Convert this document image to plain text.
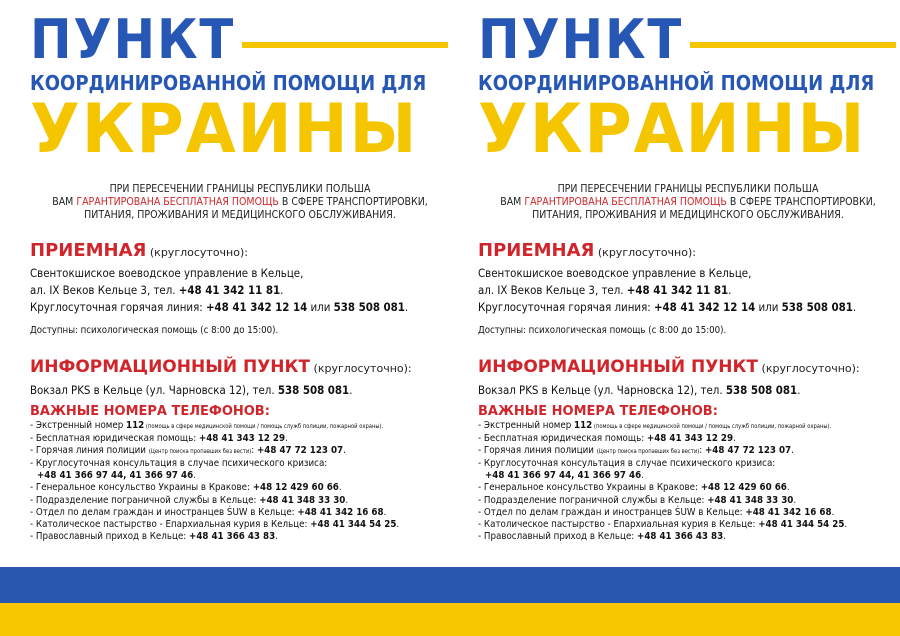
ПУНКТ
КООРДИНИРОВАННОЙ ПОМОЩИ ДЛЯ
УКРАИНЫ

ПРИ ПЕРЕСЕЧЕНИИ ГРАНИЦЫ РЕСПУБЛИКИ ПОЛЬША
ВАМ ГАРАНТИРОВАНА БЕСПЛАТНАЯ ПОМОЩЬ В СФЕРЕ ТРАНСПОРТИРОВКИ,
ПИТАНИЯ, ПРОЖИВАНИЯ И МЕДИЦИНСКОГО ОБСЛУЖИВАНИЯ.

ПРИЕМНАЯ (круглосуточно):
Свентокшиское воеводское управление в Кельце,
ал. IX Веков Кельце 3, тел. +48 41 342 11 81.
Круглосуточная горячая линия: +48 41 342 12 14 или 538 508 081.
Доступны: психологическая помощь (с 8:00 до 15:00).
ИНФОРМАЦИОННЫЙ ПУНКТ (круглосуточно):
Вокзал PKS в Кельце (ул. Чарновска 12), тел. 538 508 081.
ВАЖНЫЕ НОМЕРА ТЕЛЕФОНОВ:
- Экстренный номер 112 (помощь в сфере медицинской помощи / помощь служб полиции, пожарной охраны).
- Бесплатная юридическая помощь: +48 41 343 12 29.
- Горячая линия полиции (Центр поиска пропавших без вести): +48 47 72 123 07.
- Круглосуточная консультация в случае психического кризиса:
+48 41 366 97 44, 41 366 97 46.
- Генеральное консульство Украины в Кракове: +48 12 429 60 66.
- Подразделение пограничной службы в Кельце: +48 41 348 33 30.
- Отдел по делам граждан и иностранцев ŚUW в Кельце: +48 41 342 16 68.
- Католическое пастырство - Епархиальная курия в Кельце: +48 41 344 54 25.
- Православный приход в Кельце: +48 41 366 43 83.
ПУНКТ
КООРДИНИРОВАННОЙ ПОМОЩИ ДЛЯ
УКРАИНЫ

ПРИ ПЕРЕСЕЧЕНИИ ГРАНИЦЫ РЕСПУБЛИКИ ПОЛЬША
ВАМ ГАРАНТИРОВАНА БЕСПЛАТНАЯ ПОМОЩЬ В СФЕРЕ ТРАНСПОРТИРОВКИ,
ПИТАНИЯ, ПРОЖИВАНИЯ И МЕДИЦИНСКОГО ОБСЛУЖИВАНИЯ.

ПРИЕМНАЯ (круглосуточно):
Свентокшиское воеводское управление в Кельце,
ал. IX Веков Кельце 3, тел. +48 41 342 11 81.
Круглосуточная горячая линия: +48 41 342 12 14 или 538 508 081.
Доступны: психологическая помощь (с 8:00 до 15:00).
ИНФОРМАЦИОННЫЙ ПУНКТ (круглосуточно):
Вокзал PKS в Кельце (ул. Чарновска 12), тел. 538 508 081.
ВАЖНЫЕ НОМЕРА ТЕЛЕФОНОВ:
- Экстренный номер 112 (помощь в сфере медицинской помощи / помощь служб полиции, пожарной охраны).
- Бесплатная юридическая помощь: +48 41 343 12 29.
- Горячая линия полиции (Центр поиска пропавших без вести): +48 47 72 123 07.
- Круглосуточная консультация в случае психического кризиса:
+48 41 366 97 44, 41 366 97 46.
- Генеральное консульство Украины в Кракове: +48 12 429 60 66.
- Подразделение пограничной службы в Кельце: +48 41 348 33 30.
- Отдел по делам граждан и иностранцев ŚUW в Кельце: +48 41 342 16 68.
- Католическое пастырство - Епархиальная курия в Кельце: +48 41 344 54 25.
- Православный приход в Кельце: +48 41 366 43 83.
